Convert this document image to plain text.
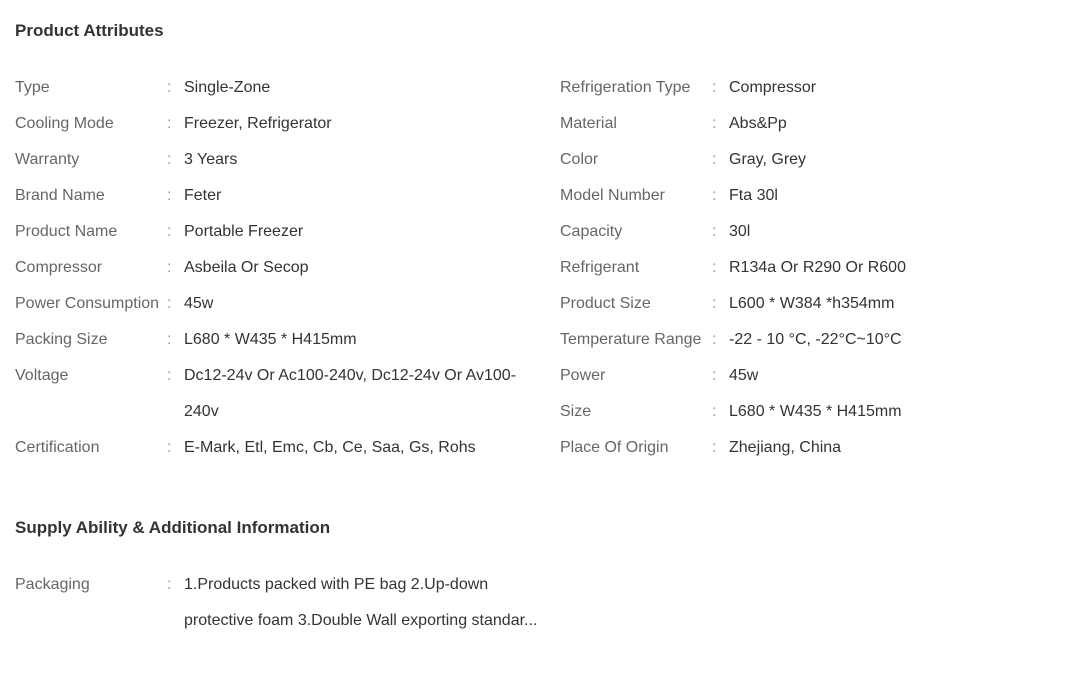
Product Attributes
Type	: Single-Zone
Cooling Mode	: Freezer, Refrigerator
Warranty	: 3 Years
Brand Name	: Feter
Product Name	: Portable Freezer
Compressor	: Asbeila Or Secop
Power Consumption : 45w
Packing Size	: L680 * W435 * H415mm
Voltage	: Dc12-24v Or Ac100-240v, Dc12-24v Or Av100-240v
Certification	: E-Mark, Etl, Emc, Cb, Ce, Saa, Gs, Rohs
Refrigeration Type	: Compressor
Material	: Abs&Pp
Color	: Gray, Grey
Model Number	: Fta 30l
Capacity	: 30l
Refrigerant	: R134a Or R290 Or R600
Product Size	: L600 * W384 *h354mm
Temperature Range : -22 - 10 °C, -22°C~10°C
Power	: 45w
Size	: L680 * W435 * H415mm
Place Of Origin	: Zhejiang, China
Supply Ability & Additional Information
Packaging	: 1.Products packed with PE bag 2.Up-down protective foam 3.Double Wall exporting standar...
